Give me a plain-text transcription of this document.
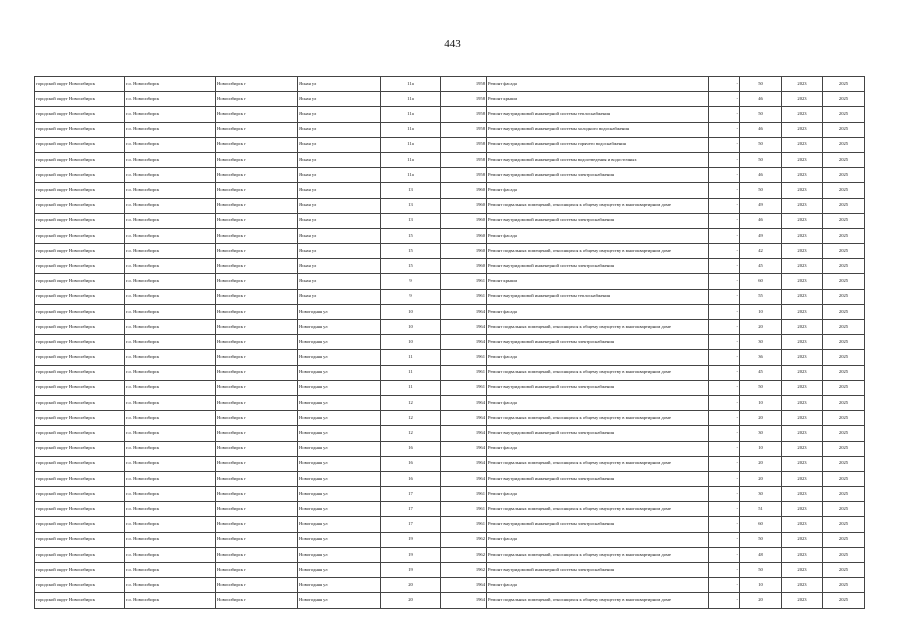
443
городской округ Новосибирск	г.о. Новосибирск	Новосибирск г	Ясная ул	11а	1958	Ремонт фасада	-	50	2023	2025
городской округ Новосибирск	г.о. Новосибирск	Новосибирск г	Ясная ул	11а	1958	Ремонт крыши	-	46	2023	2025
городской округ Новосибирск	г.о. Новосибирск	Новосибирск г	Ясная ул	11а	1958	Ремонт внутридомовой инженерной системы теплоснабжения	-	50	2023	2025
городской округ Новосибирск	г.о. Новосибирск	Новосибирск г	Ясная ул	11а	1958	Ремонт внутридомовой инженерной системы холодного водоснабжения	-	46	2023	2025
городской округ Новосибирск	г.о. Новосибирск	Новосибирск г	Ясная ул	11а	1958	Ремонт внутридомовой инженерной системы горячего водоснабжения	-	50	2023	2025
городской округ Новосибирск	г.о. Новосибирск	Новосибирск г	Ясная ул	11а	1958	Ремонт внутридомовой инженерной системы водоотведения и водосточных	-	50	2023	2025
городской округ Новосибирск	г.о. Новосибирск	Новосибирск г	Ясная ул	11а	1958	Ремонт внутридомовой инженерной системы электроснабжения	-	46	2023	2025
городской округ Новосибирск	г.о. Новосибирск	Новосибирск г	Ясная ул	13	1960	Ремонт фасада	-	50	2023	2025
городской округ Новосибирск	г.о. Новосибирск	Новосибирск г	Ясная ул	13	1960	Ремонт подвальных помещений, относящихся к общему имуществу в многоквартирном доме	-	49	2023	2025
городской округ Новосибирск	г.о. Новосибирск	Новосибирск г	Ясная ул	13	1960	Ремонт внутридомовой инженерной системы электроснабжения	-	46	2023	2025
городской округ Новосибирск	г.о. Новосибирск	Новосибирск г	Ясная ул	15	1960	Ремонт фасада	-	49	2023	2025
городской округ Новосибирск	г.о. Новосибирск	Новосибирск г	Ясная ул	15	1960	Ремонт подвальных помещений, относящихся к общему имуществу в многоквартирном доме	-	42	2023	2025
городской округ Новосибирск	г.о. Новосибирск	Новосибирск г	Ясная ул	15	1960	Ремонт внутридомовой инженерной системы электроснабжения	-	45	2023	2025
городской округ Новосибирск	г.о. Новосибирск	Новосибирск г	Ясная ул	9	1961	Ремонт крыши	-	60	2023	2025
городской округ Новосибирск	г.о. Новосибирск	Новосибирск г	Ясная ул	9	1961	Ремонт внутридомовой инженерной системы теплоснабжения	-	55	2023	2025
городской округ Новосибирск	г.о. Новосибирск	Новосибирск г	Новогодняя ул	10	1964	Ремонт фасада	-	10	2023	2025
городской округ Новосибирск	г.о. Новосибирск	Новосибирск г	Новогодняя ул	10	1964	Ремонт подвальных помещений, относящихся к общему имуществу в многоквартирном доме	-	20	2023	2025
городской округ Новосибирск	г.о. Новосибирск	Новосибирск г	Новогодняя ул	10	1964	Ремонт внутридомовой инженерной системы электроснабжения	-	30	2023	2025
городской округ Новосибирск	г.о. Новосибирск	Новосибирск г	Новогодняя ул	11	1961	Ремонт фасада	-	36	2023	2025
городской округ Новосибирск	г.о. Новосибирск	Новосибирск г	Новогодняя ул	11	1961	Ремонт подвальных помещений, относящихся к общему имуществу в многоквартирном доме	-	45	2023	2025
городской округ Новосибирск	г.о. Новосибирск	Новосибирск г	Новогодняя ул	11	1961	Ремонт внутридомовой инженерной системы электроснабжения	-	50	2023	2025
городской округ Новосибирск	г.о. Новосибирск	Новосибирск г	Новогодняя ул	12	1964	Ремонт фасада	-	10	2023	2025
городской округ Новосибирск	г.о. Новосибирск	Новосибирск г	Новогодняя ул	12	1964	Ремонт подвальных помещений, относящихся к общему имуществу в многоквартирном доме	-	20	2023	2025
городской округ Новосибирск	г.о. Новосибирск	Новосибирск г	Новогодняя ул	12	1964	Ремонт внутридомовой инженерной системы электроснабжения	-	30	2023	2025
городской округ Новосибирск	г.о. Новосибирск	Новосибирск г	Новогодняя ул	16	1964	Ремонт фасада	-	10	2023	2025
городской округ Новосибирск	г.о. Новосибирск	Новосибирск г	Новогодняя ул	16	1964	Ремонт подвальных помещений, относящихся к общему имуществу в многоквартирном доме	-	20	2023	2025
городской округ Новосибирск	г.о. Новосибирск	Новосибирск г	Новогодняя ул	16	1964	Ремонт внутридомовой инженерной системы электроснабжения	-	20	2023	2025
городской округ Новосибирск	г.о. Новосибирск	Новосибирск г	Новогодняя ул	17	1961	Ремонт фасада	-	30	2023	2025
городской округ Новосибирск	г.о. Новосибирск	Новосибирск г	Новогодняя ул	17	1961	Ремонт подвальных помещений, относящихся к общему имуществу в многоквартирном доме	-	51	2023	2025
городской округ Новосибирск	г.о. Новосибирск	Новосибирск г	Новогодняя ул	17	1961	Ремонт внутридомовой инженерной системы электроснабжения	-	60	2023	2025
городской округ Новосибирск	г.о. Новосибирск	Новосибирск г	Новогодняя ул	19	1962	Ремонт фасада	-	50	2023	2025
городской округ Новосибирск	г.о. Новосибирск	Новосибирск г	Новогодняя ул	19	1962	Ремонт подвальных помещений, относящихся к общему имуществу в многоквартирном доме	-	48	2023	2025
городской округ Новосибирск	г.о. Новосибирск	Новосибирск г	Новогодняя ул	19	1962	Ремонт внутридомовой инженерной системы электроснабжения	-	50	2023	2025
городской округ Новосибирск	г.о. Новосибирск	Новосибирск г	Новогодняя ул	20	1964	Ремонт фасада	-	10	2023	2025
городской округ Новосибирск	г.о. Новосибирск	Новосибирск г	Новогодняя ул	20	1964	Ремонт подвальных помещений, относящихся к общему имуществу в многоквартирном доме	-	20	2023	2025
